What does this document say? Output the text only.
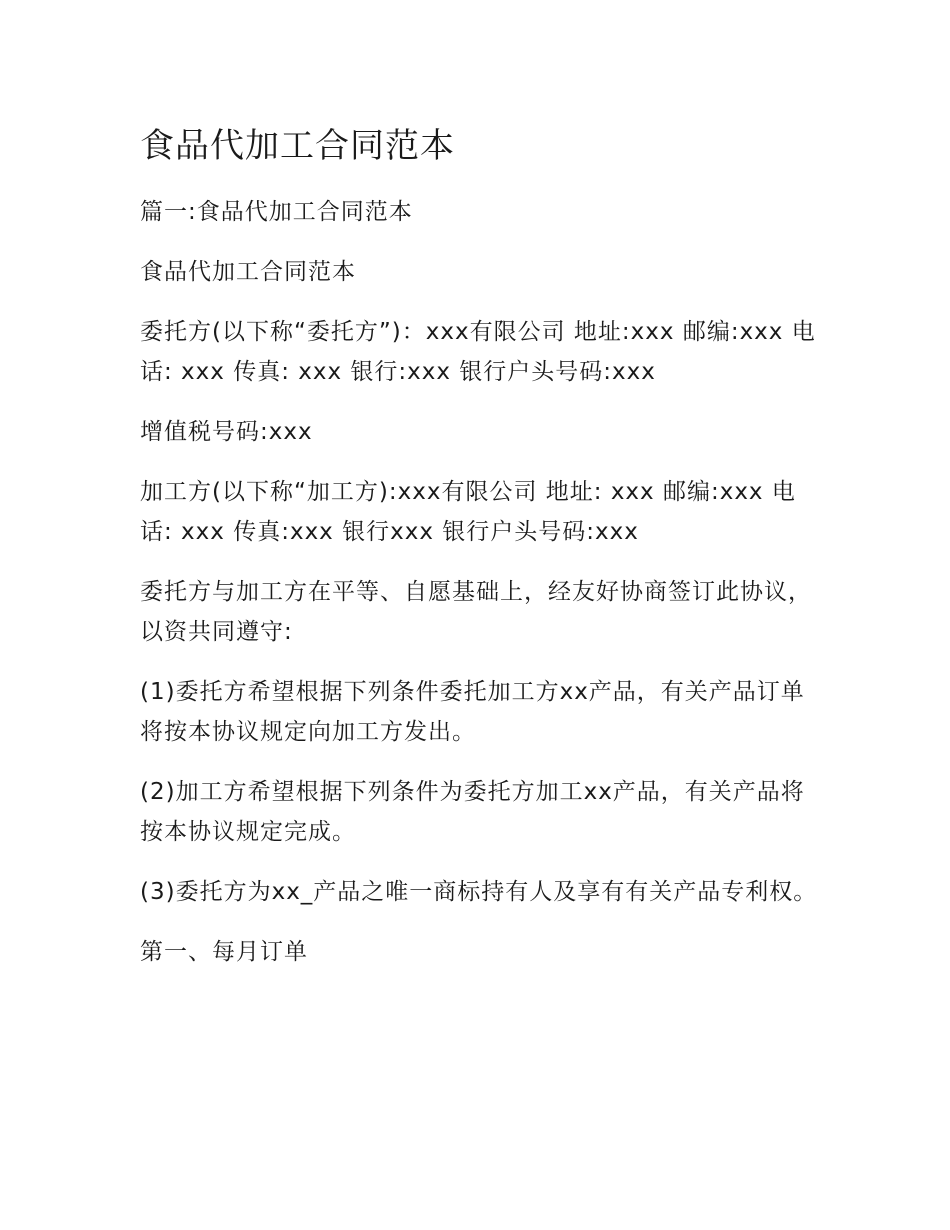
食品代加工合同范本

篇一:食品代加工合同范本

食品代加工合同范本

委托方(以下称“委托方”)：xxx有限公司 地址:xxx 邮编:xxx 电话: xxx 传真: xxx 银行:xxx 银行户头号码:xxx

增值税号码:xxx

加工方(以下称“加工方):xxx有限公司 地址: xxx 邮编:xxx 电话: xxx 传真:xxx 银行xxx 银行户头号码:xxx

委托方与加工方在平等、自愿基础上，经友好协商签订此协议，以资共同遵守:

(1)委托方希望根据下列条件委托加工方xx产品，有关产品订单将按本协议规定向加工方发出。

(2)加工方希望根据下列条件为委托方加工xx产品，有关产品将按本协议规定完成。

(3)委托方为xx_产品之唯一商标持有人及享有有关产品专利权。

第一、每月订单
